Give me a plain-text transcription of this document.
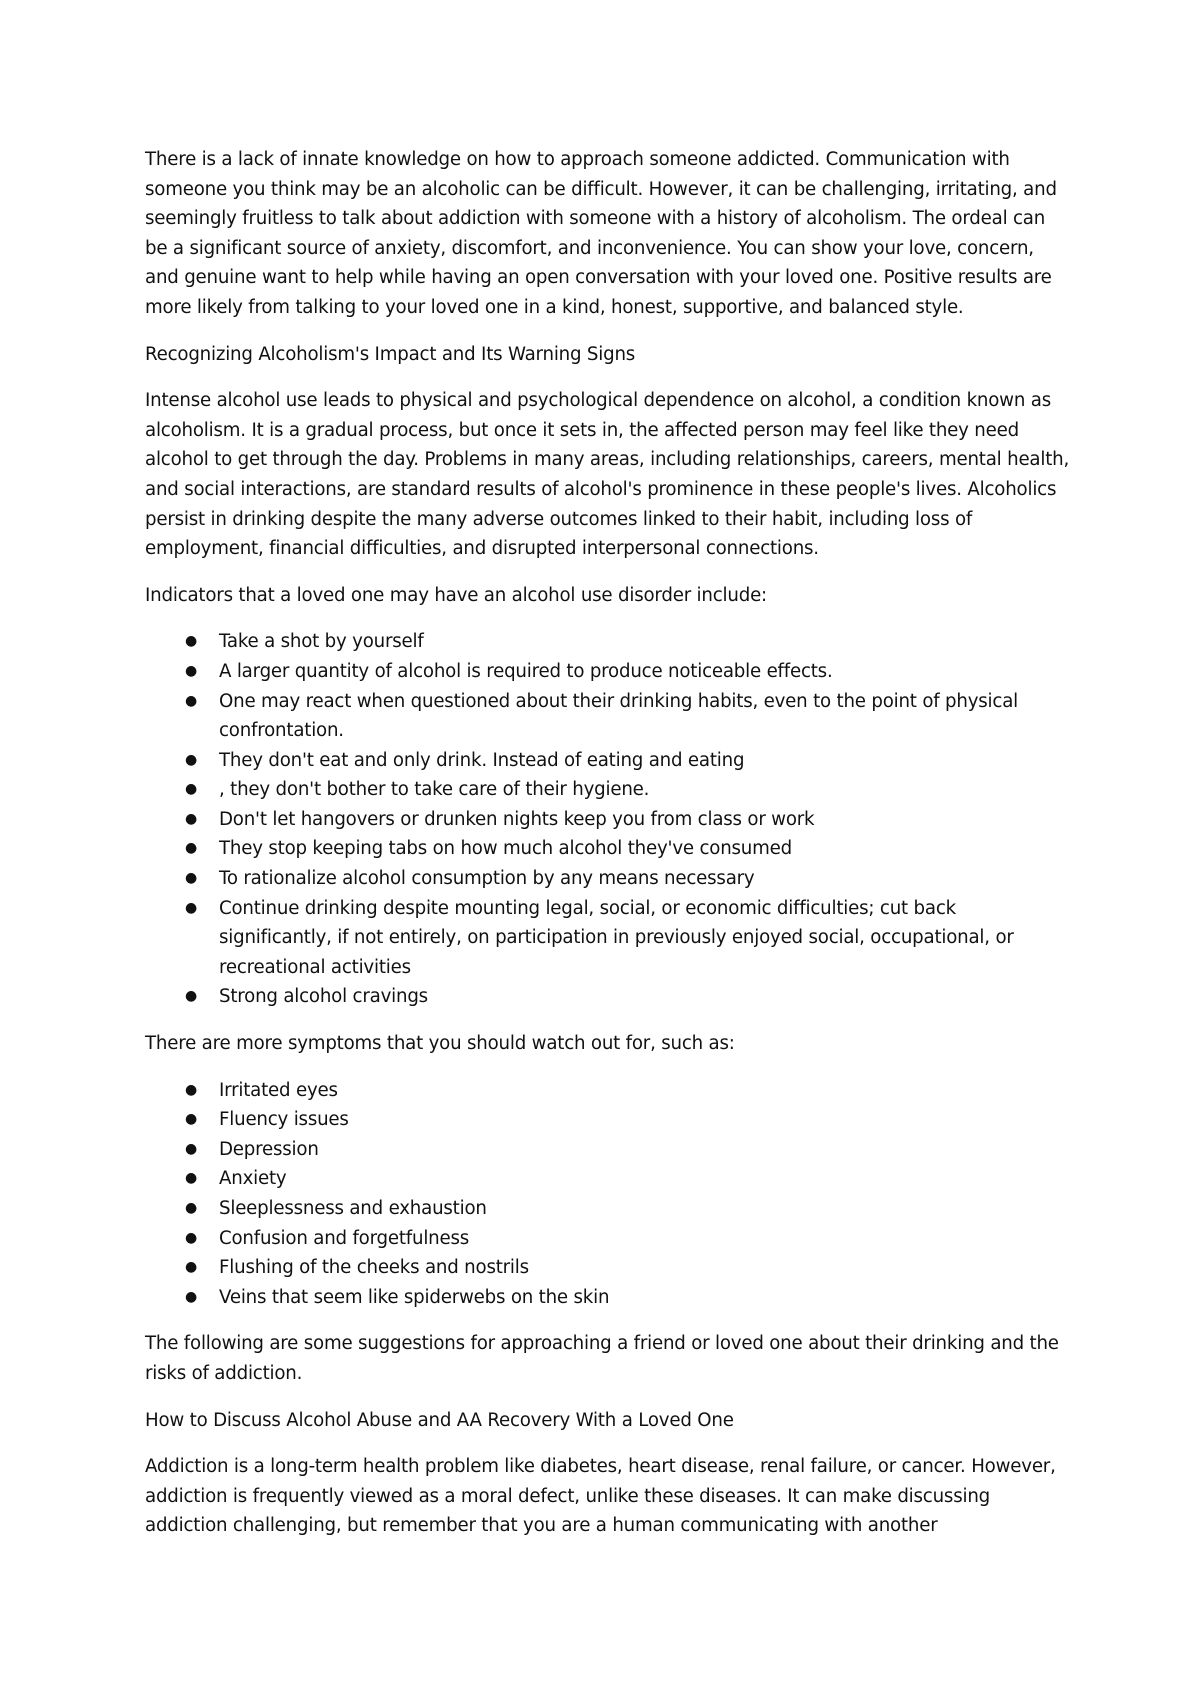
There is a lack of innate knowledge on how to approach someone addicted. Communication with someone you think may be an alcoholic can be difficult. However, it can be challenging, irritating, and seemingly fruitless to talk about addiction with someone with a history of alcoholism. The ordeal can be a significant source of anxiety, discomfort, and inconvenience. You can show your love, concern, and genuine want to help while having an open conversation with your loved one. Positive results are more likely from talking to your loved one in a kind, honest, supportive, and balanced style.

Recognizing Alcoholism's Impact and Its Warning Signs

Intense alcohol use leads to physical and psychological dependence on alcohol, a condition known as alcoholism. It is a gradual process, but once it sets in, the affected person may feel like they need alcohol to get through the day. Problems in many areas, including relationships, careers, mental health, and social interactions, are standard results of alcohol's prominence in these people's lives. Alcoholics persist in drinking despite the many adverse outcomes linked to their habit, including loss of employment, financial difficulties, and disrupted interpersonal connections.

Indicators that a loved one may have an alcohol use disorder include:

● Take a shot by yourself
● A larger quantity of alcohol is required to produce noticeable effects.
● One may react when questioned about their drinking habits, even to the point of physical confrontation.
● They don't eat and only drink. Instead of eating and eating
● , they don't bother to take care of their hygiene.
● Don't let hangovers or drunken nights keep you from class or work
● They stop keeping tabs on how much alcohol they've consumed
● To rationalize alcohol consumption by any means necessary
● Continue drinking despite mounting legal, social, or economic difficulties; cut back significantly, if not entirely, on participation in previously enjoyed social, occupational, or recreational activities
● Strong alcohol cravings

There are more symptoms that you should watch out for, such as:

● Irritated eyes
● Fluency issues
● Depression
● Anxiety
● Sleeplessness and exhaustion
● Confusion and forgetfulness
● Flushing of the cheeks and nostrils
● Veins that seem like spiderwebs on the skin

The following are some suggestions for approaching a friend or loved one about their drinking and the risks of addiction.

How to Discuss Alcohol Abuse and AA Recovery With a Loved One

Addiction is a long-term health problem like diabetes, heart disease, renal failure, or cancer. However, addiction is frequently viewed as a moral defect, unlike these diseases. It can make discussing addiction challenging, but remember that you are a human communicating with another
